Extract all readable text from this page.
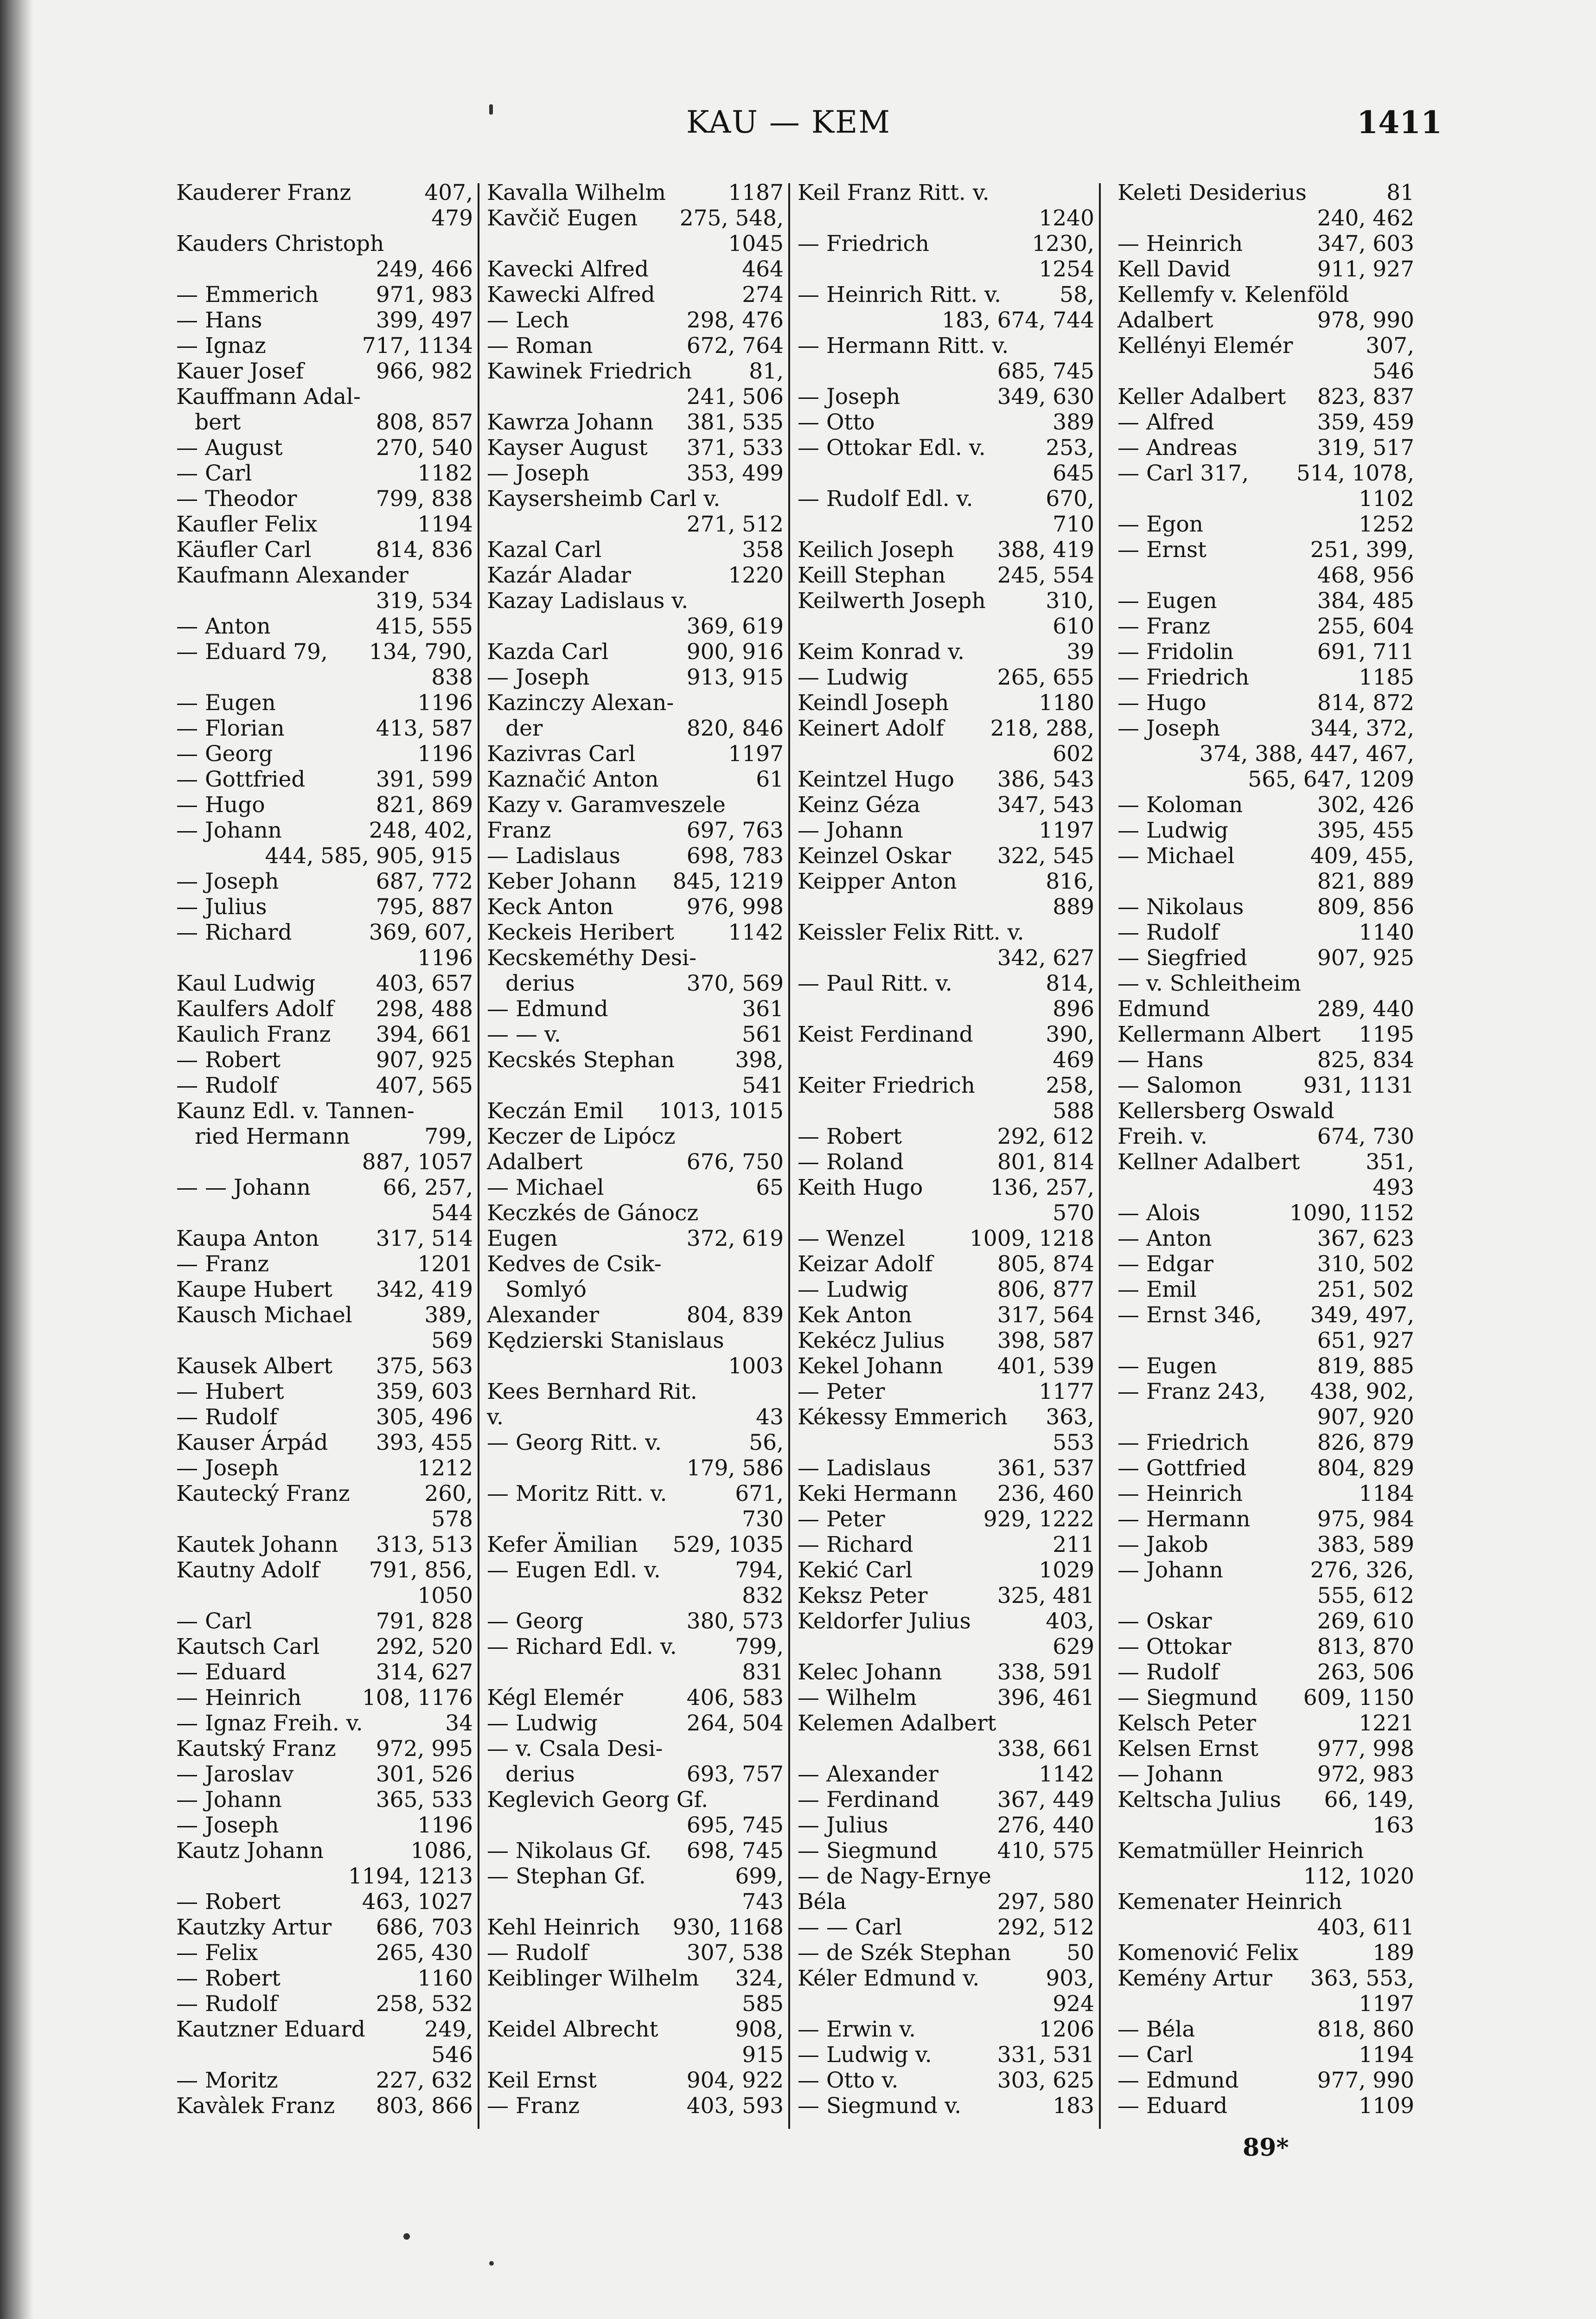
KAU — KEM	1411
Kauderer Franz	407,
479
Kauders Christoph
249, 466
— Emmerich	971, 983
— Hans	399, 497
— Ignaz	717, 1134
Kauer Josef	966, 982
Kauffmann Adal-
bert	808, 857
— August	270, 540
— Carl	1182
— Theodor	799, 838
Kaufler Felix	1194
Käufler Carl	814, 836
Kaufmann Alexander
319, 534
— Anton	415, 555
— Eduard 79, 134, 790,
838
— Eugen	1196
— Florian	413, 587
— Georg	1196
— Gottfried	391, 599
— Hugo	821, 869
— Johann	248, 402,
444, 585, 905, 915
— Joseph	687, 772
— Julius	795, 887
— Richard	369, 607,
1196
Kaul Ludwig	403, 657
Kaulfers Adolf 298, 488
Kaulich Franz 394, 661
— Robert	907, 925
— Rudolf	407, 565
Kaunz Edl. v. Tannen-
ried Hermann	799,
887, 1057
— — Johann	66, 257,
544
Kaupa Anton	317, 514
— Franz	1201
Kaupe Hubert 342, 419
Kausch Michael	389,
569
Kausek Albert 375, 563
— Hubert	359, 603
— Rudolf	305, 496
Kauser Árpád 393, 455
— Joseph	1212
Kautecký Franz	260,
578
Kautek Johann 313, 513
Kautny Adolf 791, 856,
1050
— Carl	791, 828
Kautsch Carl	292, 520
— Eduard	314, 627
— Heinrich	108, 1176
— Ignaz Freih. v.	34
Kautský Franz 972, 995
— Jaroslav	301, 526
— Johann	365, 533
— Joseph	1196
Kautz Johann	1086,
1194, 1213
— Robert	463, 1027
Kautzky Artur 686, 703
— Felix	265, 430
— Robert	1160
— Rudolf	258, 532
Kautzner Eduard	249,
546
— Moritz	227, 632
Kavàlek Franz 803, 866
Kavalla Wilhelm	1187
Kavčič Eugen 275, 548,
1045
Kavecki Alfred	464
Kawecki Alfred	274
— Lech	298, 476
— Roman	672, 764
Kawinek Friedrich	81,
241, 506
Kawrza Johann 381, 535
Kayser August 371, 533
— Joseph	353, 499
Kaysersheimb Carl v.
271, 512
Kazal Carl	358
Kazár Aladar	1220
Kazay Ladislaus v.
369, 619
Kazda Carl	900, 916
— Joseph	913, 915
Kazinczy Alexan-
der	820, 846
Kazivras Carl	1197
Kaznačić Anton	61
Kazy v. Garamveszele
Franz	697, 763
— Ladislaus	698, 783
Keber Johann 845, 1219
Keck Anton	976, 998
Keckeis Heribert 1142
Kecskeméthy Desi-
derius	370, 569
— Edmund	361
— — v.	561
Kecskés Stephan	398,
541
Keczán Emil 1013, 1015
Keczer de Lipócz
Adalbert	676, 750
— Michael	65
Keczkés de Gánocz
Eugen	372, 619
Kedves de Csik-
Somlyó
Alexander	804, 839
Kędzierski Stanislaus
1003
Kees Bernhard Rit.
v.	43
— Georg Ritt. v.	56,
179, 586
— Moritz Ritt. v.	671,
730
Kefer Ämilian 529, 1035
— Eugen Edl. v.	794,
832
— Georg	380, 573
— Richard Edl. v.	799,
831
Kégl Elemér	406, 583
— Ludwig	264, 504
— v. Csala Desi-
derius	693, 757
Keglevich Georg Gf.
695, 745
— Nikolaus Gf. 698, 745
— Stephan Gf.	699,
743
Kehl Heinrich 930, 1168
— Rudolf	307, 538
Keiblinger Wilhelm 324,
585
Keidel Albrecht	908,
915
Keil Ernst	904, 922
— Franz	403, 593
Keil Franz Ritt. v.
1240
— Friedrich	1230,
1254
— Heinrich Ritt. v.	58,
183, 674, 744
— Hermann Ritt. v.
685, 745
— Joseph	349, 630
— Otto	389
— Ottokar Edl. v.	253,
645
— Rudolf Edl. v.	670,
710
Keilich Joseph 388, 419
Keill Stephan 245, 554
Keilwerth Joseph	310,
610
Keim Konrad v.	39
— Ludwig	265, 655
Keindl Joseph	1180
Keinert Adolf 218, 288,
602
Keintzel Hugo 386, 543
Keinz Géza	347, 543
— Johann	1197
Keinzel Oskar 322, 545
Keipper Anton	816,
889
Keissler Felix Ritt. v.
342, 627
— Paul Ritt. v.	814,
896
Keist Ferdinand	390,
469
Keiter Friedrich	258,
588
— Robert	292, 612
— Roland	801, 814
Keith Hugo	136, 257,
570
— Wenzel	1009, 1218
Keizar Adolf	805, 874
— Ludwig	806, 877
Kek Anton	317, 564
Kekécz Julius 398, 587
Kekel Johann 401, 539
— Peter	1177
Kékessy Emmerich 363,
553
— Ladislaus	361, 537
Keki Hermann 236, 460
— Peter	929, 1222
— Richard	211
Kekić Carl	1029
Keksz Peter	325, 481
Keldorfer Julius	403,
629
Kelec Johann	338, 591
— Wilhelm	396, 461
Kelemen Adalbert
338, 661
— Alexander	1142
— Ferdinand	367, 449
— Julius	276, 440
— Siegmund	410, 575
— de Nagy-Ernye
Béla	297, 580
— — Carl	292, 512
— de Szék Stephan	50
Kéler Edmund v.	903,
924
— Erwin v.	1206
— Ludwig v.	331, 531
— Otto v.	303, 625
— Siegmund v.	183
Keleti Desiderius	81
240, 462
— Heinrich	347, 603
Kell David	911, 927
Kellemfy v. Kelenföld
Adalbert	978, 990
Kellényi Elemér	307,
546
Keller Adalbert 823, 837
— Alfred	359, 459
— Andreas	319, 517
— Carl 317, 514, 1078,
1102
— Egon	1252
— Ernst	251, 399,
468, 956
— Eugen	384, 485
— Franz	255, 604
— Fridolin	691, 711
— Friedrich	1185
— Hugo	814, 872
— Joseph	344, 372,
374, 388, 447, 467,
565, 647, 1209
— Koloman	302, 426
— Ludwig	395, 455
— Michael	409, 455,
821, 889
— Nikolaus	809, 856
— Rudolf	1140
— Siegfried	907, 925
— v. Schleitheim
Edmund	289, 440
Kellermann Albert 1195
— Hans	825, 834
— Salomon	931, 1131
Kellersberg Oswald
Freih. v.	674, 730
Kellner Adalbert	351,
493
— Alois	1090, 1152
— Anton	367, 623
— Edgar	310, 502
— Emil	251, 502
— Ernst 346, 349, 497,
651, 927
— Eugen	819, 885
— Franz 243, 438, 902,
907, 920
— Friedrich	826, 879
— Gottfried	804, 829
— Heinrich	1184
— Hermann	975, 984
— Jakob	383, 589
— Johann	276, 326,
555, 612
— Oskar	269, 610
— Ottokar	813, 870
— Rudolf	263, 506
— Siegmund 609, 1150
Kelsch Peter	1221
Kelsen Ernst	977, 998
— Johann	972, 983
Keltscha Julius 66, 149,
163
Kematmüller Heinrich
112, 1020
Kemenater Heinrich
403, 611
Komenović Felix	189
Kemény Artur 363, 553,
1197
— Béla	818, 860
— Carl	1194
— Edmund	977, 990
— Eduard	1109
89*
